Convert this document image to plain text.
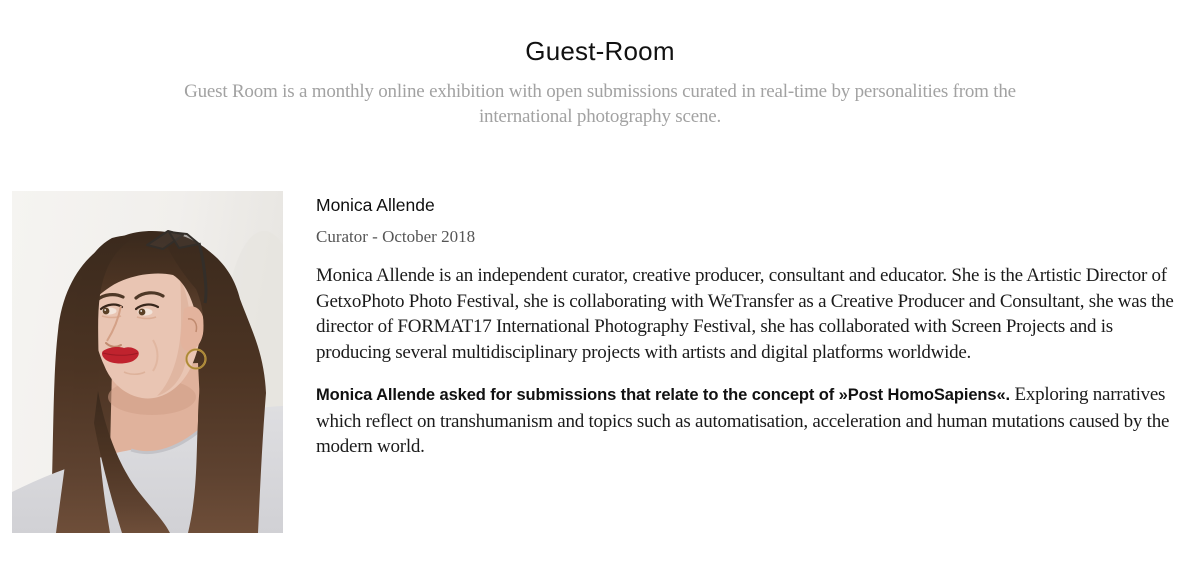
Guest-Room

Guest Room is a monthly online exhibition with open submissions curated in real-time by personalities from the international photography scene.

Monica Allende

Curator - October 2018

Monica Allende is an independent curator, creative producer, consultant and educator. She is the Artistic Director of GetxoPhoto Photo Festival, she is collaborating with WeTransfer as a Creative Producer and Consultant, she was the director of FORMAT17 International Photography Festival, she has collaborated with Screen Projects and is producing several multidisciplinary projects with artists and digital platforms worldwide.

Monica Allende asked for submissions that relate to the concept of »Post HomoSapiens«. Exploring narratives which reflect on transhumanism and topics such as automatisation, acceleration and human mutations caused by the modern world.
